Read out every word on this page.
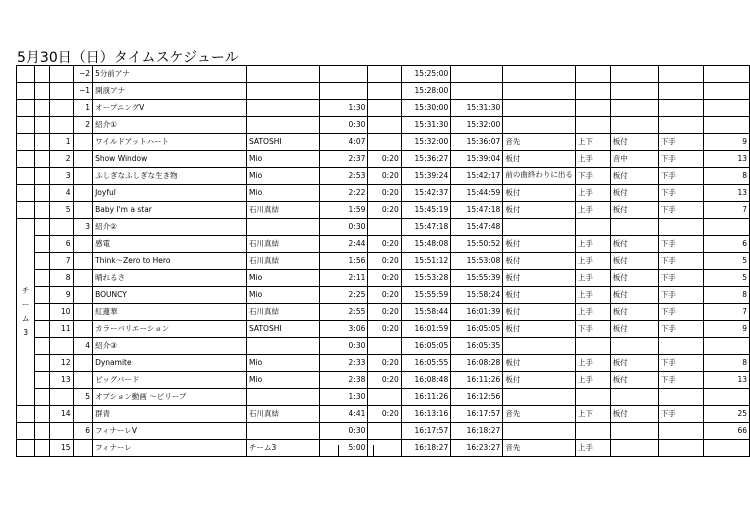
5月30日（日）タイムスケジュール
			−2	5分前アナ				15:25:00						
			−1	開演アナ				15:28:00						
			1	オープニングV		1:30		15:30:00	15:31:30					
			2	紹介①		0:30		15:31:30	15:32:00					
		1		ワイルドアットハート	SATOSHI	4:07		15:32:00	15:36:07	音先	上下	板付	下手	9
		2		Show Window	Mio	2:37	0:20	15:36:27	15:39:04	板付	上手	音中	下手	13
		3		ふしぎなふしぎな生き物	Mio	2:53	0:20	15:39:24	15:42:17	前の曲終わりに出る	下手	板付	下手	8
		4		Joyful	Mio	2:22	0:20	15:42:37	15:44:59	板付	上手	板付	下手	13
		5		Baby I'm a star	石川真結	1:59	0:20	15:45:19	15:47:18	板付	上手	板付	下手	7
チ
ー
ム
3			3	紹介②		0:30		15:47:18	15:47:48					
		6		感電	石川真結	2:44	0:20	15:48:08	15:50:52	板付	上手	板付	下手	6
		7		Think〜Zero to Hero	石川真結	1:56	0:20	15:51:12	15:53:08	板付	上手	板付	下手	5
		8		晴れるさ	Mio	2:11	0:20	15:53:28	15:55:39	板付	上手	板付	下手	5
		9		BOUNCY	Mio	2:25	0:20	15:55:59	15:58:24	板付	上手	板付	下手	8
		10		紅蓮華	石川真結	2:55	0:20	15:58:44	16:01:39	板付	上手	板付	下手	7
		11		カラーバリエーション	SATOSHI	3:06	0:20	16:01:59	16:05:05	板付	下手	板付	下手	9
			4	紹介③		0:30		16:05:05	16:05:35					
		12		Dynamite	Mio	2:33	0:20	16:05:55	16:08:28	板付	上手	板付	下手	8
		13		ビッグバード	Mio	2:38	0:20	16:08:48	16:11:26	板付	上手	板付	下手	13
			5	オプション動画 〜ビリーブ		1:30		16:11:26	16:12:56					
		14		群青	石川真結	4:41	0:20	16:13:16	16:17:57	音先	上下	板付	下手	25
			6	フィナーレV		0:30		16:17:57	16:18:27					66
		15		フィナーレ	チーム3	5:00		16:18:27	16:23:27	音先	上手			
